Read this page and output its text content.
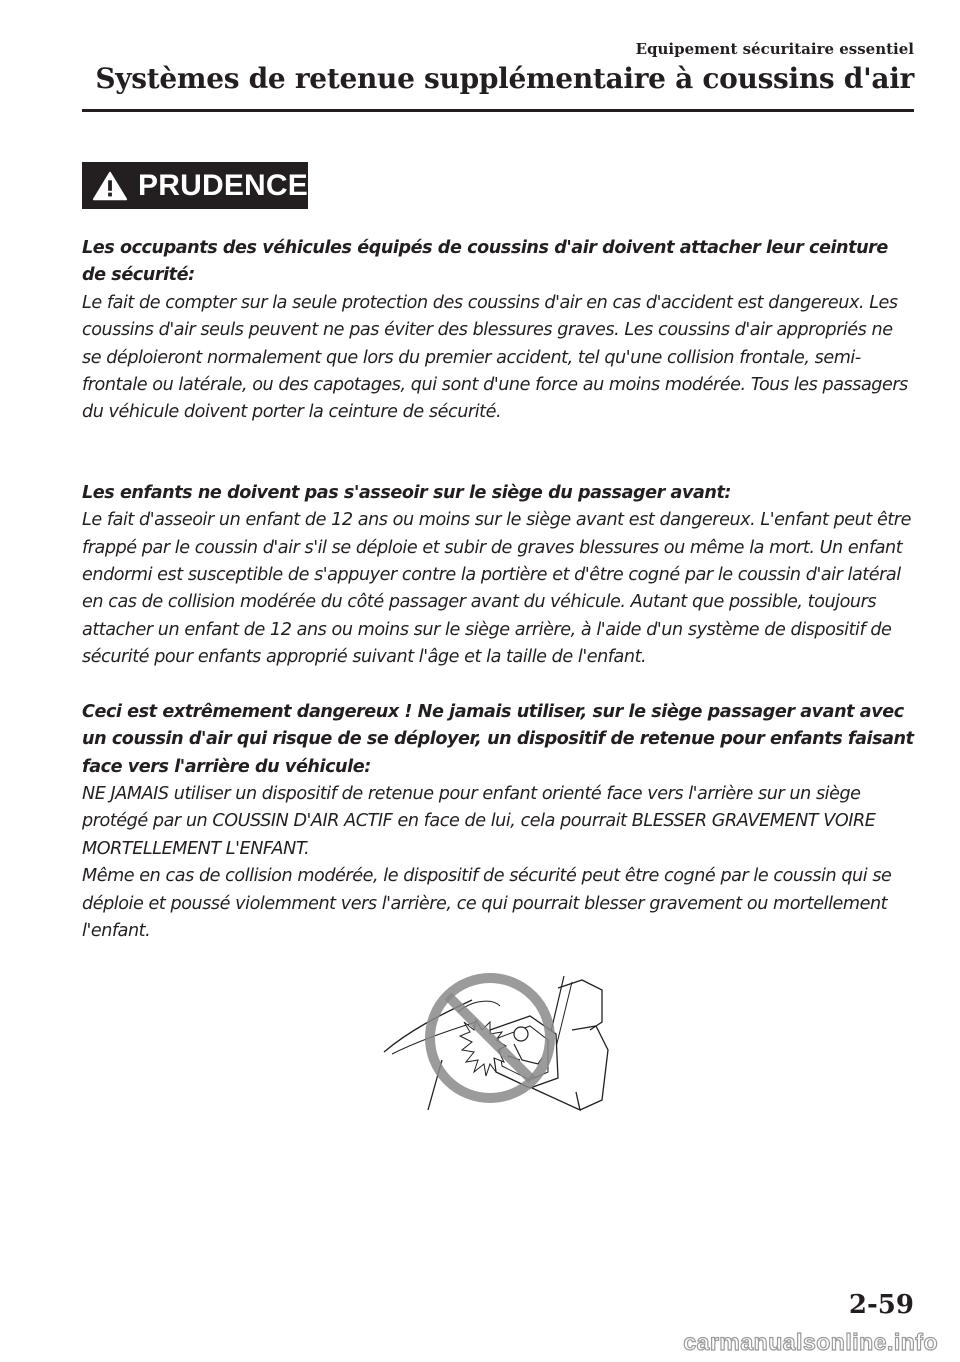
Equipement sécuritaire essentiel
Systèmes de retenue supplémentaire à coussins d'air
PRUDENCE

Les occupants des véhicules équipés de coussins d'air doivent attacher leur ceinture de sécurité:

Le fait de compter sur la seule protection des coussins d'air en cas d'accident est dangereux. Les coussins d'air seuls peuvent ne pas éviter des blessures graves. Les coussins d'air appropriés ne se déploieront normalement que lors du premier accident, tel qu'une collision frontale, semi-frontale ou latérale, ou des capotages, qui sont d'une force au moins modérée. Tous les passagers du véhicule doivent porter la ceinture de sécurité.

Les enfants ne doivent pas s'asseoir sur le siège du passager avant:

Le fait d'asseoir un enfant de 12 ans ou moins sur le siège avant est dangereux. L'enfant peut être frappé par le coussin d'air s'il se déploie et subir de graves blessures ou même la mort. Un enfant endormi est susceptible de s'appuyer contre la portière et d'être cogné par le coussin d'air latéral en cas de collision modérée du côté passager avant du véhicule. Autant que possible, toujours attacher un enfant de 12 ans ou moins sur le siège arrière, à l'aide d'un système de dispositif de sécurité pour enfants approprié suivant l'âge et la taille de l'enfant.

Ceci est extrêmement dangereux ! Ne jamais utiliser, sur le siège passager avant avec un coussin d'air qui risque de se déployer, un dispositif de retenue pour enfants faisant face vers l'arrière du véhicule:

NE JAMAIS utiliser un dispositif de retenue pour enfant orienté face vers l'arrière sur un siège protégé par un COUSSIN D'AIR ACTIF en face de lui, cela pourrait BLESSER GRAVEMENT VOIRE MORTELLEMENT L'ENFANT.

Même en cas de collision modérée, le dispositif de sécurité peut être cogné par le coussin qui se déploie et poussé violemment vers l'arrière, ce qui pourrait blesser gravement ou mortellement l'enfant.

2-59
carmanualsonline.info
